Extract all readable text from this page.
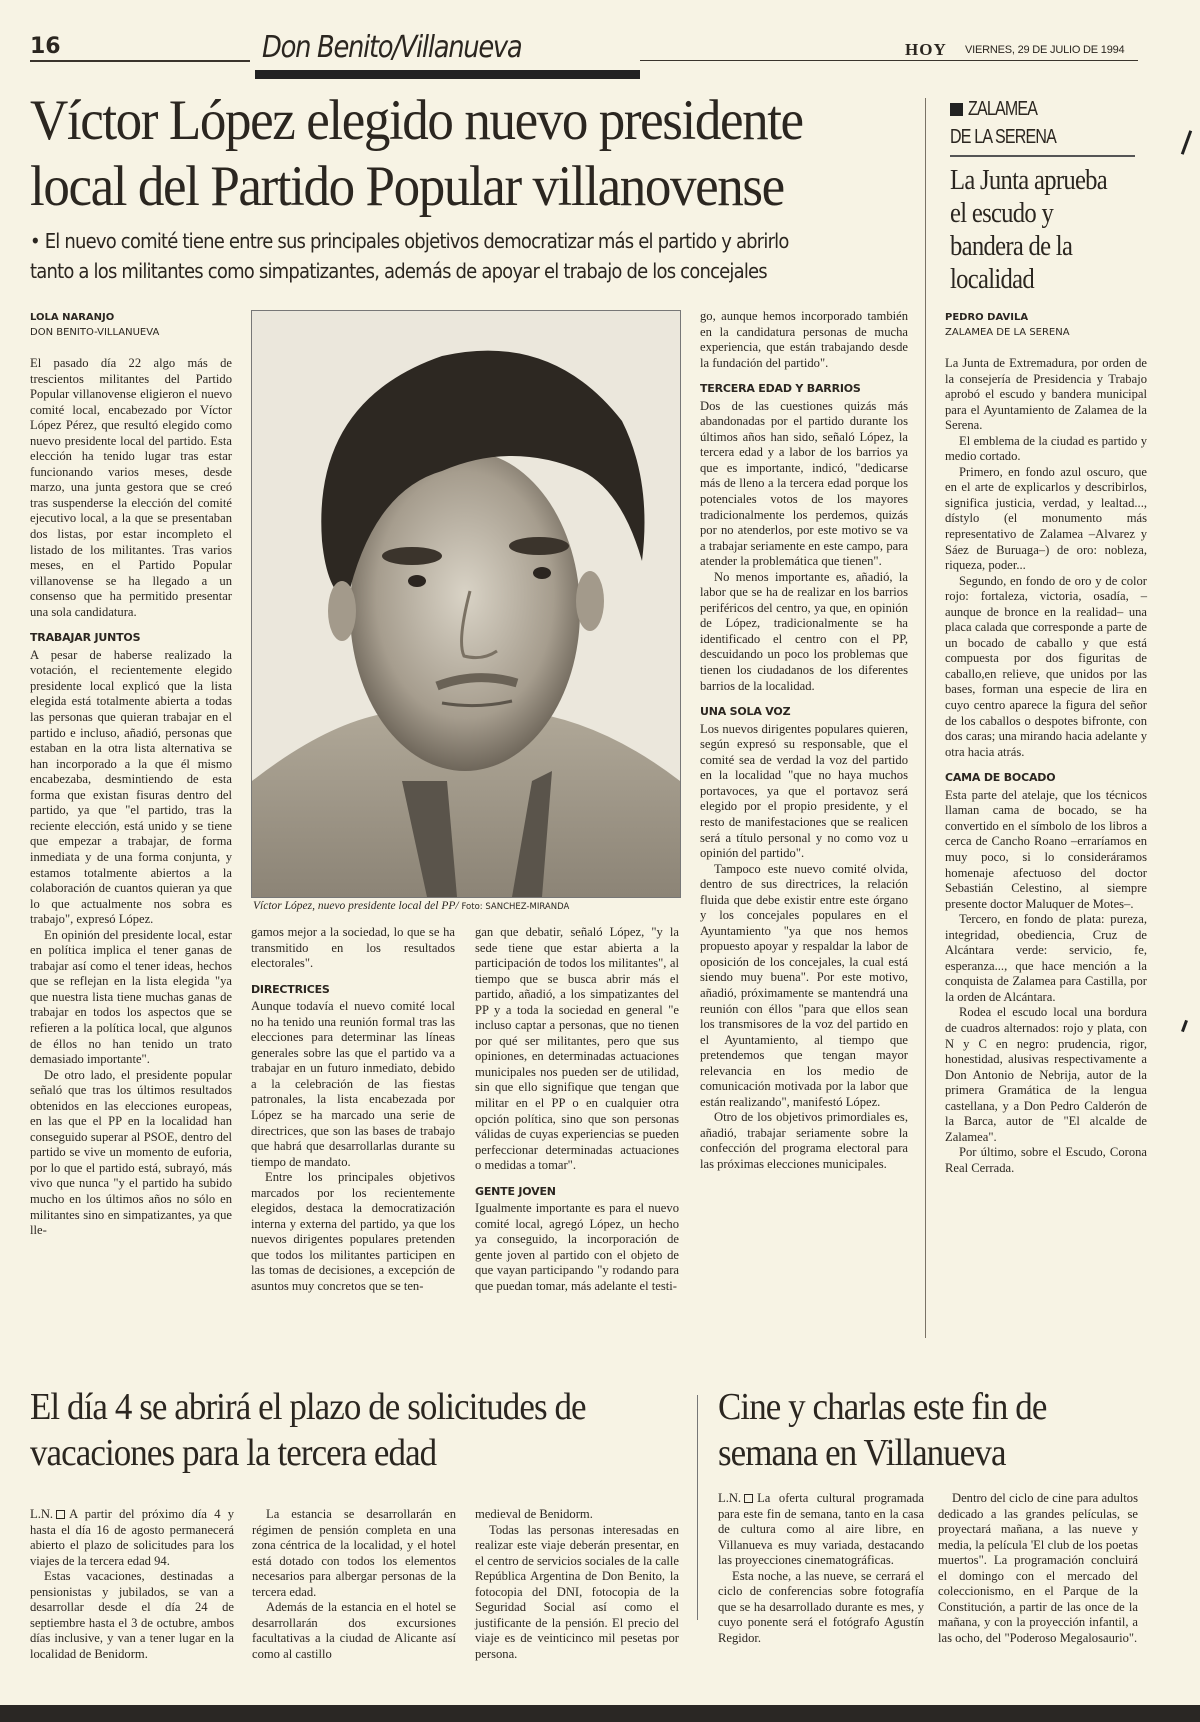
16	Don Benito/Villanueva	HOY VIERNES, 29 DE JULIO DE 1994
Víctor López elegido nuevo presidente local del Partido Popular villanovense
• El nuevo comité tiene entre sus principales objetivos democratizar más el partido y abrirlo
tanto a los militantes como simpatizantes, además de apoyar el trabajo de los concejales
LOLA NARANJO
DON BENITO-VILLANUEVA

El pasado día 22 algo más de trescientos militantes del Partido Popular villanovense eligieron el nuevo comité local, encabezado por Víctor López Pérez, que resultó elegido como nuevo presidente local del partido. Esta elección ha tenido lugar tras estar funcionando varios meses, desde marzo, una junta gestora que se creó tras suspenderse la elección del comité ejecutivo local, a la que se presentaban dos listas, por estar incompleto el listado de los militantes. Tras varios meses, en el Partido Popular villanovense se ha llegado a un consenso que ha permitido presentar una sola candidatura.

TRABAJAR JUNTOS

A pesar de haberse realizado la votación, el recientemente elegido presidente local explicó que la lista elegida está totalmente abierta a todas las personas que quieran trabajar en el partido e incluso, añadió, personas que estaban en la otra lista alternativa se han incorporado a la que él mismo encabezaba, desmintiendo de esta forma que existan fisuras dentro del partido, ya que "el partido, tras la reciente elección, está unido y se tiene que empezar a trabajar, de forma inmediata y de una forma conjunta, y estamos totalmente abiertos a la colaboración de cuantos quieran ya que lo que actualmente nos sobra es trabajo", expresó López.

En opinión del presidente local, estar en política implica el tener ganas de trabajar así como el tener ideas, hechos que se reflejan en la lista elegida "ya que nuestra lista tiene muchas ganas de trabajar en todos los aspectos que se refieren a la política local, que algunos de éllos no han tenido un trato demasiado importante".

De otro lado, el presidente popular señaló que tras los últimos resultados obtenidos en las elecciones europeas, en las que el PP en la localidad han conseguido superar al PSOE, dentro del partido se vive un momento de euforia, por lo que el partido está, subrayó, más vivo que nunca "y el partido ha subido mucho en los últimos años no sólo en militantes sino en simpatizantes, ya que lle-

Víctor López, nuevo presidente local del PP/ Foto: SANCHEZ-MIRANDA

gamos mejor a la sociedad, lo que se ha transmitido en los resultados electorales".

DIRECTRICES

Aunque todavía el nuevo comité local no ha tenido una reunión formal tras las elecciones para determinar las líneas generales sobre las que el partido va a trabajar en un futuro inmediato, debido a la celebración de las fiestas patronales, la lista encabezada por López se ha marcado una serie de directrices, que son las bases de trabajo que habrá que desarrollarlas durante su tiempo de mandato.

Entre los principales objetivos marcados por los recientemente elegidos, destaca la democratización interna y externa del partido, ya que los nuevos dirigentes populares pretenden que todos los militantes participen en las tomas de decisiones, a excepción de asuntos muy concretos que se ten-

gan que debatir, señaló López, "y la sede tiene que estar abierta a la participación de todos los militantes", al tiempo que se busca abrir más el partido, añadió, a los simpatizantes del PP y a toda la sociedad en general "e incluso captar a personas, que no tienen por qué ser militantes, pero que sus opiniones, en determinadas actuaciones municipales nos pueden ser de utilidad, sin que ello signifique que tengan que militar en el PP o en cualquier otra opción política, sino que son personas válidas de cuyas experiencias se pueden perfeccionar determinadas actuaciones o medidas a tomar".

GENTE JOVEN

Igualmente importante es para el nuevo comité local, agregó López, un hecho ya conseguido, la incorporación de gente joven al partido con el objeto de que vayan participando "y rodando para que puedan tomar, más adelante el testi-

go, aunque hemos incorporado también en la candidatura personas de mucha experiencia, que están trabajando desde la fundación del partido".

TERCERA EDAD Y BARRIOS

Dos de las cuestiones quizás más abandonadas por el partido durante los últimos años han sido, señaló López, la tercera edad y a labor de los barrios ya que es importante, indicó, "dedicarse más de lleno a la tercera edad porque los potenciales votos de los mayores tradicionalmente los perdemos, quizás por no atenderlos, por este motivo se va a trabajar seriamente en este campo, para atender la problemática que tienen".

No menos importante es, añadió, la labor que se ha de realizar en los barrios periféricos del centro, ya que, en opinión de López, tradicionalmente se ha identificado el centro con el PP, descuidando un poco los problemas que tienen los ciudadanos de los diferentes barrios de la localidad.

UNA SOLA VOZ

Los nuevos dirigentes populares quieren, según expresó su responsable, que el comité sea de verdad la voz del partido en la localidad "que no haya muchos portavoces, ya que el portavoz será elegido por el propio presidente, y el resto de manifestaciones que se realicen será a título personal y no como voz u opinión del partido".

Tampoco este nuevo comité olvida, dentro de sus directrices, la relación fluida que debe existir entre este órgano y los concejales populares en el Ayuntamiento "ya que nos hemos propuesto apoyar y respaldar la labor de oposición de los concejales, la cual está siendo muy buena". Por este motivo, añadió, próximamente se mantendrá una reunión con éllos "para que ellos sean los transmisores de la voz del partido en el Ayuntamiento, al tiempo que pretendemos que tengan mayor relevancia en los medio de comunicación motivada por la labor que están realizando", manifestó López.

Otro de los objetivos primordiales es, añadió, trabajar seriamente sobre la confección del programa electoral para las próximas elecciones municipales.

ZALAMEA
DE LA SERENA
La Junta aprueba el escudo y bandera de la localidad
PEDRO DAVILA
ZALAMEA DE LA SERENA

La Junta de Extremadura, por orden de la consejería de Presidencia y Trabajo aprobó el escudo y bandera municipal para el Ayuntamiento de Zalamea de la Serena.

El emblema de la ciudad es partido y medio cortado.

Primero, en fondo azul oscuro, que en el arte de explicarlos y describirlos, significa justicia, verdad, y lealtad..., dístylo (el monumento más representativo de Zalamea –Alvarez y Sáez de Buruaga–) de oro: nobleza, riqueza, poder...

Segundo, en fondo de oro y de color rojo: fortaleza, victoria, osadía, –aunque de bronce en la realidad– una placa calada que corresponde a parte de un bocado de caballo y que está compuesta por dos figuritas de caballo,en relieve, que unidos por las bases, forman una especie de lira en cuyo centro aparece la figura del señor de los caballos o despotes bifronte, con dos caras; una mirando hacia adelante y otra hacia atrás.

CAMA DE BOCADO

Esta parte del atelaje, que los técnicos llaman cama de bocado, se ha convertido en el símbolo de los libros a cerca de Cancho Roano –erraríamos en muy poco, si lo consideráramos homenaje afectuoso del doctor Sebastián Celestino, al siempre presente doctor Maluquer de Motes–.

Tercero, en fondo de plata: pureza, integridad, obediencia, Cruz de Alcántara verde: servicio, fe, esperanza..., que hace mención a la conquista de Zalamea para Castilla, por la orden de Alcántara.

Rodea el escudo local una bordura de cuadros alternados: rojo y plata, con N y C en negro: prudencia, rigor, honestidad, alusivas respectivamente a Don Antonio de Nebrija, autor de la primera Gramática de la lengua castellana, y a Don Pedro Calderón de la Barca, autor de "El alcalde de Zalamea".

Por último, sobre el Escudo, Corona Real Cerrada.

El día 4 se abrirá el plazo de solicitudes de vacaciones para la tercera edad
Cine y charlas este fin de semana en Villanueva

L.N. A partir del próximo día 4 y hasta el día 16 de agosto permanecerá abierto el plazo de solicitudes para los viajes de la tercera edad 94.

Estas vacaciones, destinadas a pensionistas y jubilados, se van a desarrollar desde el día 24 de septiembre hasta el 3 de octubre, ambos días inclusive, y van a tener lugar en la localidad de Benidorm.

La estancia se desarrollarán en régimen de pensión completa en una zona céntrica de la localidad, y el hotel está dotado con todos los elementos necesarios para albergar personas de la tercera edad.

Además de la estancia en el hotel se desarrollarán dos excursiones facultativas a la ciudad de Alicante así como al castillo

medieval de Benidorm.

Todas las personas interesadas en realizar este viaje deberán presentar, en el centro de servicios sociales de la calle República Argentina de Don Benito, la fotocopia del DNI, fotocopia de la Seguridad Social así como el justificante de la pensión. El precio del viaje es de veinticinco mil pesetas por persona.

L.N. La oferta cultural programada para este fin de semana, tanto en la casa de cultura como al aire libre, en Villanueva es muy variada, destacando las proyecciones cinematográficas.

Esta noche, a las nueve, se cerrará el ciclo de conferencias sobre fotografía que se ha desarrollado durante es mes, y cuyo ponente será el fotógrafo Agustín Regidor.

Dentro del ciclo de cine para adultos dedicado a las grandes películas, se proyectará mañana, a las nueve y media, la película 'El club de los poetas muertos". La programación concluirá el domingo con el mercado del coleccionismo, en el Parque de la Constitución, a partir de las once de la mañana, y con la proyección infantil, a las ocho, del "Poderoso Megalosaurio".
